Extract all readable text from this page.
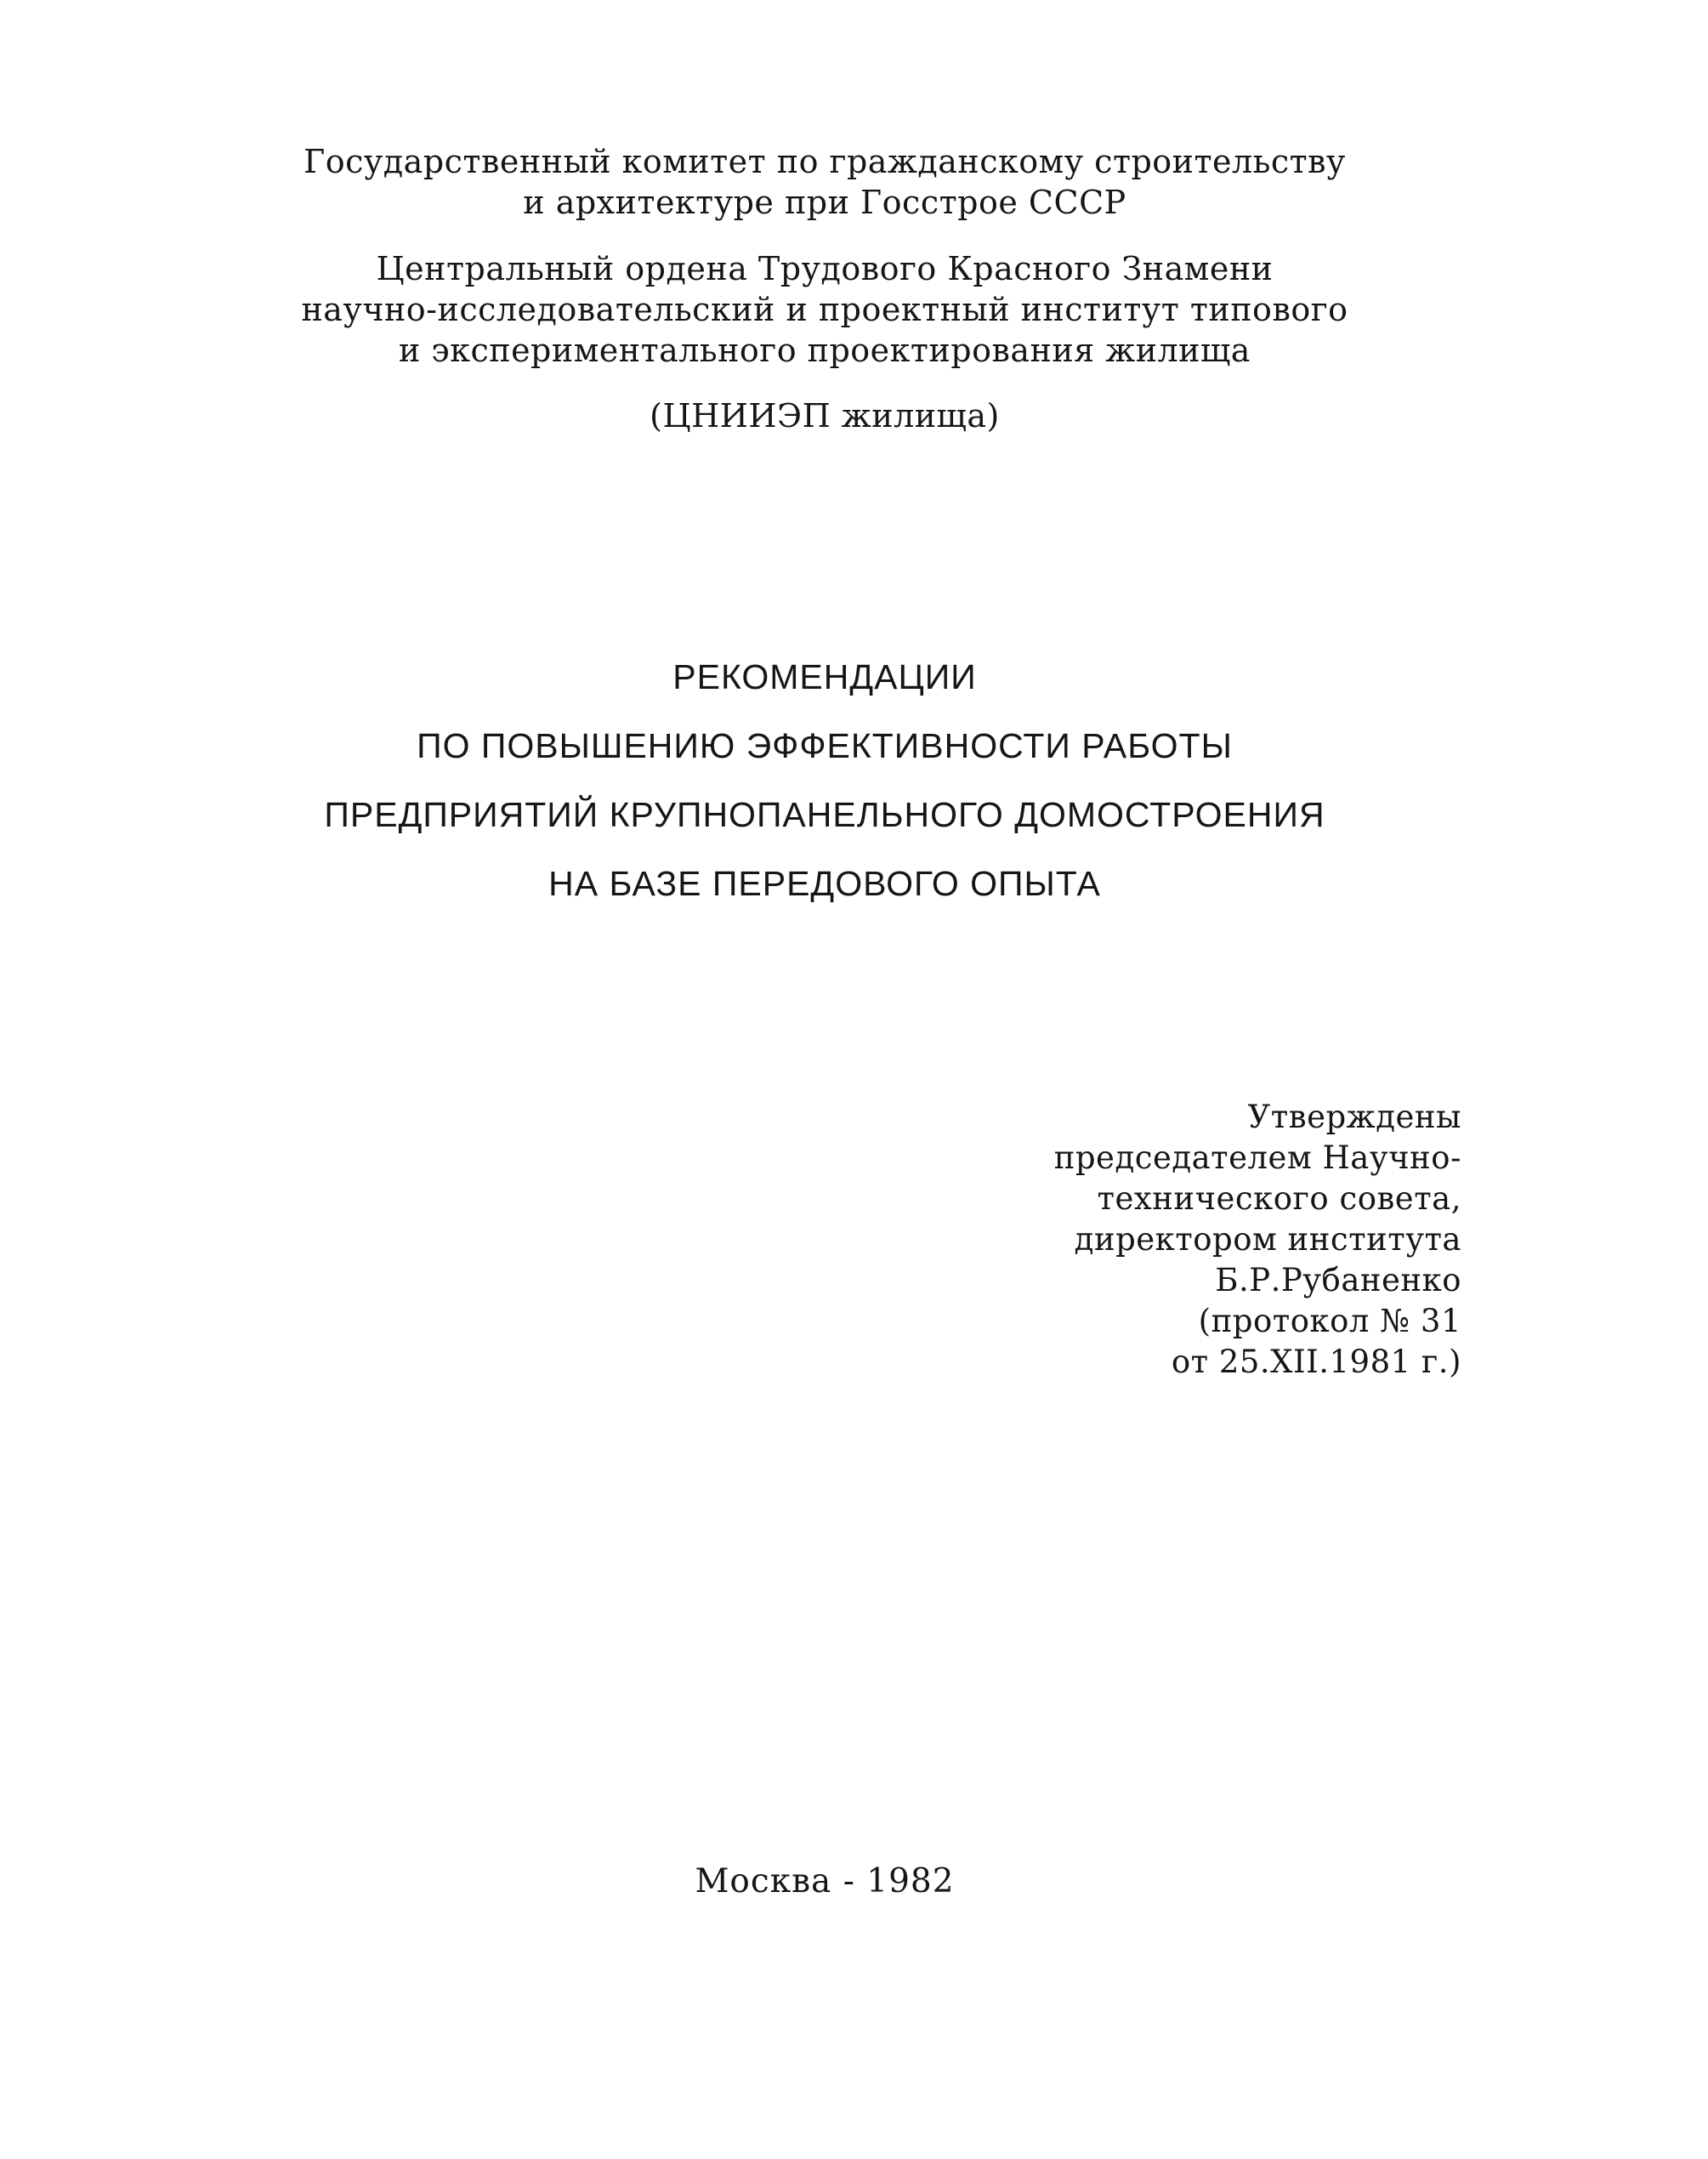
Государственный комитет по гражданскому строительству
и архитектуре при Госстрое СССР
Центральный ордена Трудового Красного Знамени
научно-исследовательский и проектный институт типового
и экспериментального проектирования жилища
(ЦНИИЭП жилища)
РЕКОМЕНДАЦИИ
ПО ПОВЫШЕНИЮ ЭФФЕКТИВНОСТИ РАБОТЫ
ПРЕДПРИЯТИЙ КРУПНОПАНЕЛЬНОГО ДОМОСТРОЕНИЯ
НА БАЗЕ ПЕРЕДОВОГО ОПЫТА
Утверждены
председателем Научно-
технического совета,
директором института
Б.Р.Рубаненко
(протокол № 31
от 25.XII.1981 г.)
Москва - 1982
